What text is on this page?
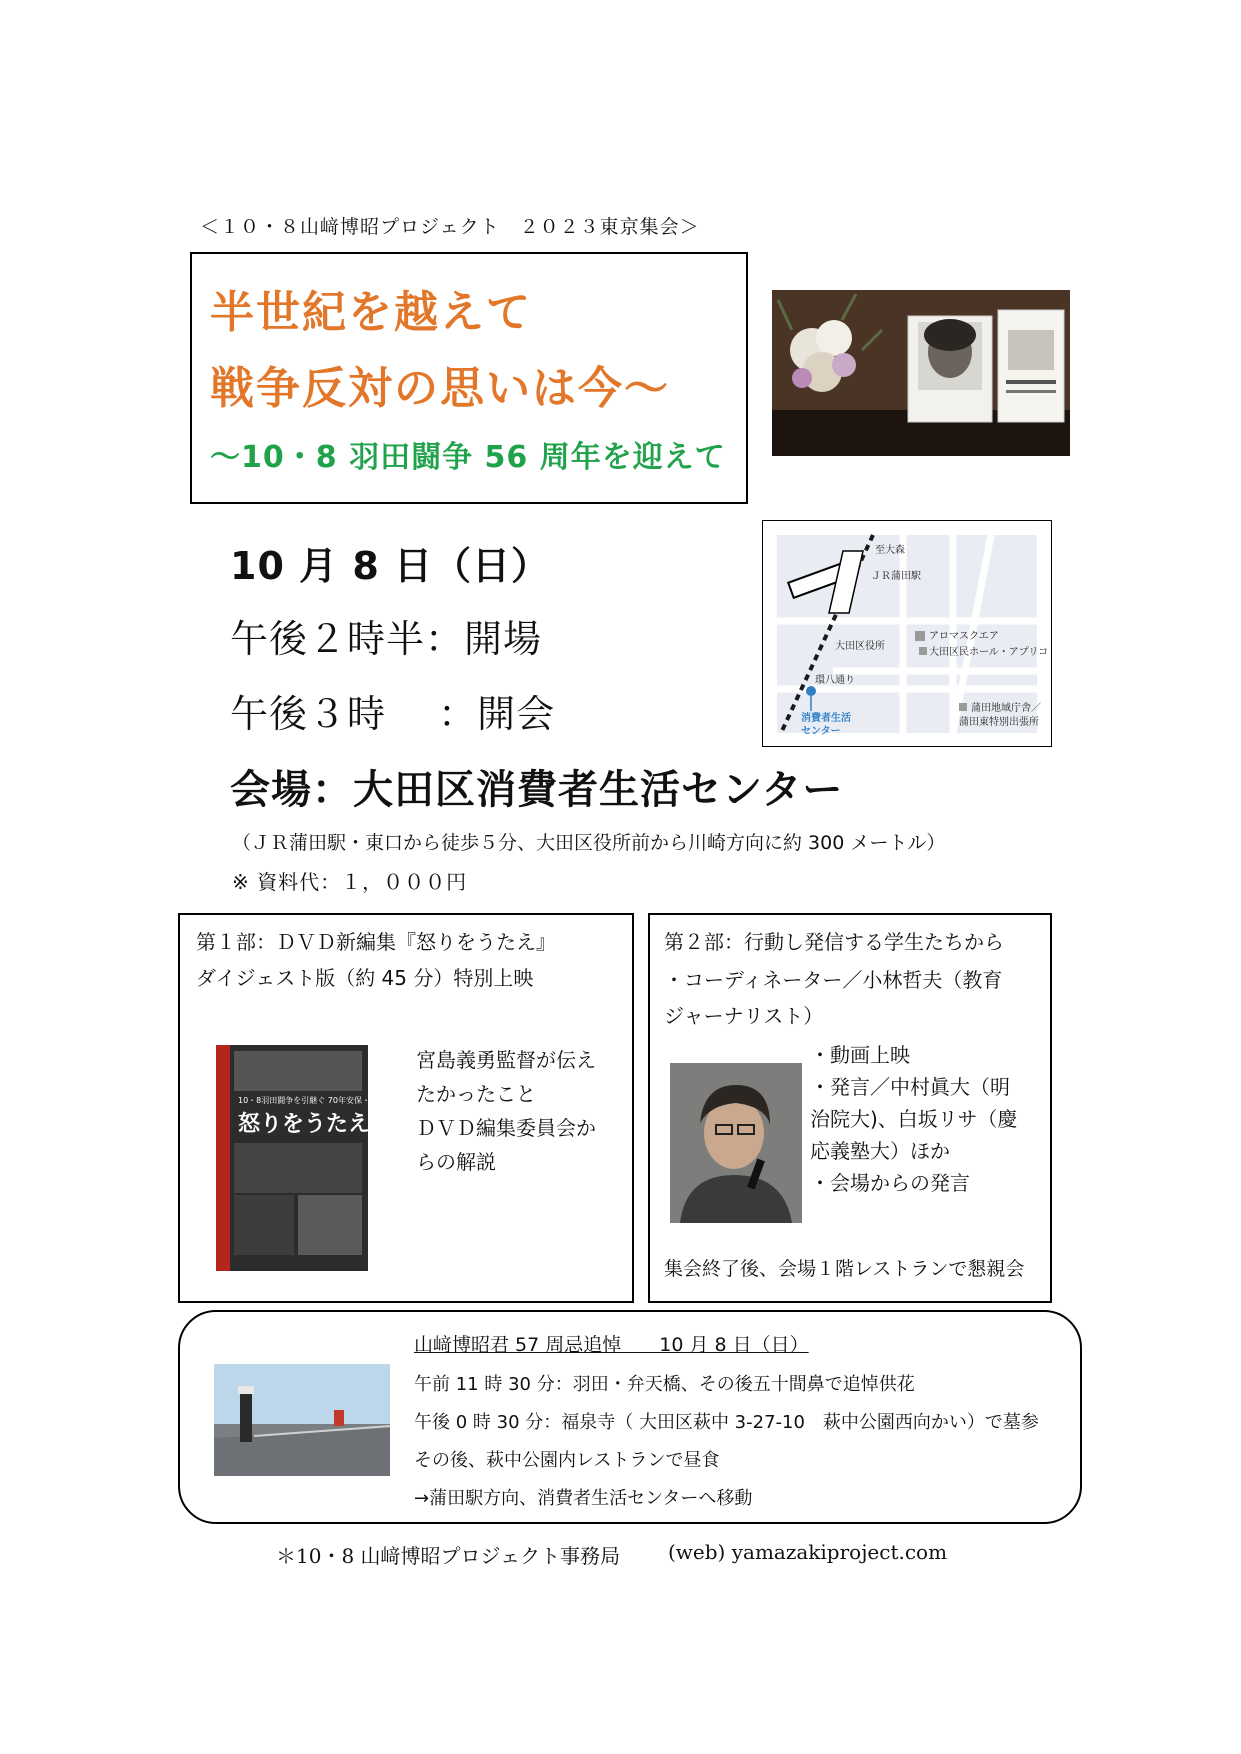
＜１０・８山﨑博昭プロジェクト　２０２３東京集会＞
半世紀を越えて
戦争反対の思いは今～
～10・8 羽田闘争 56 周年を迎えて
至大森
ＪＲ蒲田駅
大田区役所
アロマスクエア
大田区民ホール・アプリコ
環八通り
消費者生活
センター
蒲田地域庁舎／
蒲田東特別出張所
10 月 8 日（日）
午後２時半：開場
午後３時　 ：開会
会場：大田区消費者生活センター
（ＪＲ蒲田駅・東口から徒歩５分、大田区役所前から川崎方向に約 300 メートル）
※ 資料代：１，０００円
第１部：ＤＶＤ新編集『怒りをうたえ』
ダイジェスト版（約 45 分）特別上映
10・8羽田闘争を引継ぐ 70年安保・沖縄闘争が いま蘇る!
怒りをうたえ
宮島義勇監督が伝え
たかったこと
ＤＶＤ編集委員会か
らの解説
第２部：行動し発信する学生たちから
・コーディネーター／小林哲夫（教育
ジャーナリスト）
・動画上映
・発言／中村眞大（明
治院大)、白坂リサ（慶
応義塾大）ほか
・会場からの発言
集会終了後、会場１階レストランで懇親会
山﨑博昭君 57 周忌追悼　　10 月 8 日（日）
午前 11 時 30 分：羽田・弁天橋、その後五十間鼻で追悼供花
午後 0 時 30 分：福泉寺（ 大田区萩中 3-27-10　萩中公園西向かい）で墓参
その後、萩中公園内レストランで昼食
→蒲田駅方向、消費者生活センターへ移動
＊10・8 山﨑博昭プロジェクト事務局 (web) yamazakiproject.com
